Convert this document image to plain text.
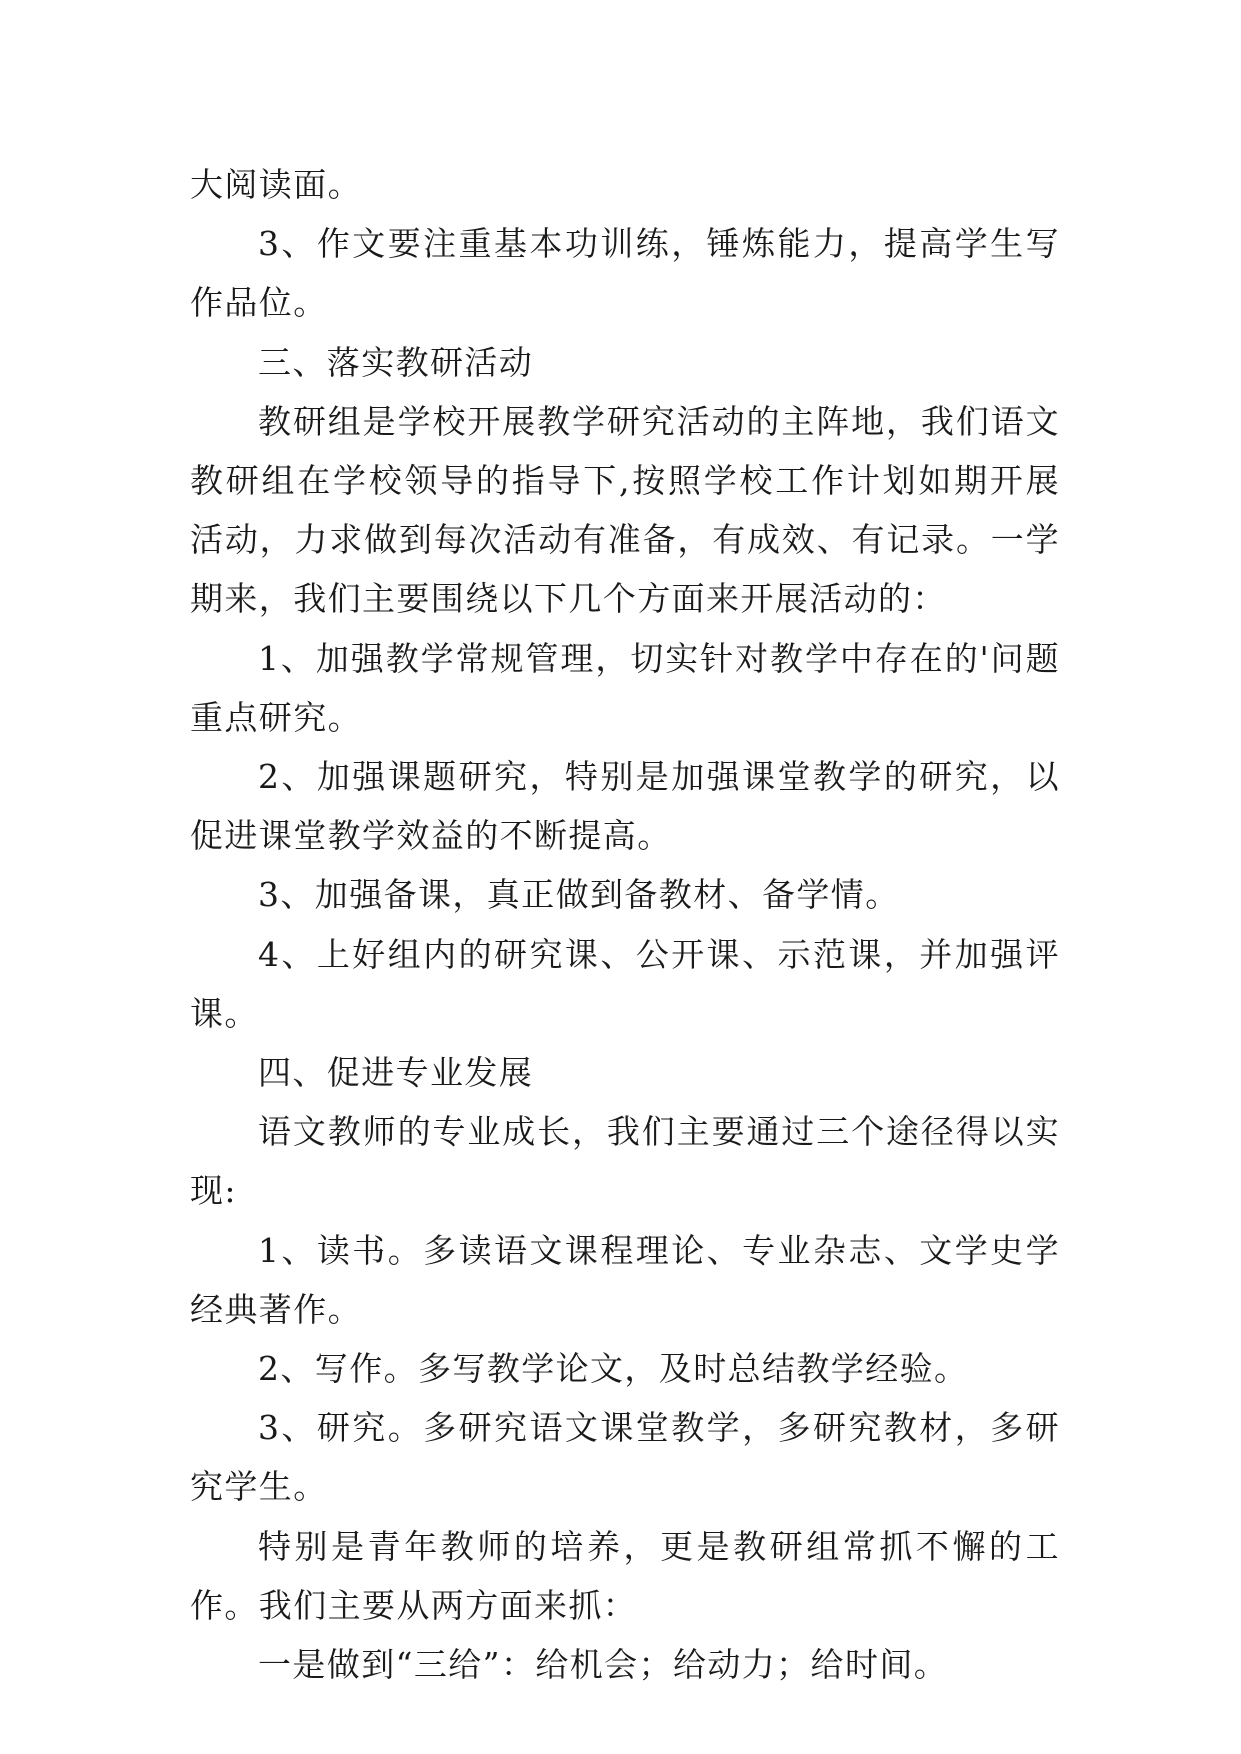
大阅读面。

3、作文要注重基本功训练，锤炼能力，提高学生写作品位。

三、落实教研活动

教研组是学校开展教学研究活动的主阵地，我们语文教研组在学校领导的指导下,按照学校工作计划如期开展活动，力求做到每次活动有准备，有成效、有记录。一学期来，我们主要围绕以下几个方面来开展活动的：

1、加强教学常规管理，切实针对教学中存在的'问题重点研究。

2、加强课题研究，特别是加强课堂教学的研究，以促进课堂教学效益的不断提高。

3、加强备课，真正做到备教材、备学情。

4、上好组内的研究课、公开课、示范课，并加强评课。

四、促进专业发展

语文教师的专业成长，我们主要通过三个途径得以实现:

1、读书。多读语文课程理论、专业杂志、文学史学经典著作。

2、写作。多写教学论文，及时总结教学经验。

3、研究。多研究语文课堂教学，多研究教材，多研究学生。

特别是青年教师的培养，更是教研组常抓不懈的工作。我们主要从两方面来抓：

一是做到“三给”：给机会；给动力；给时间。
